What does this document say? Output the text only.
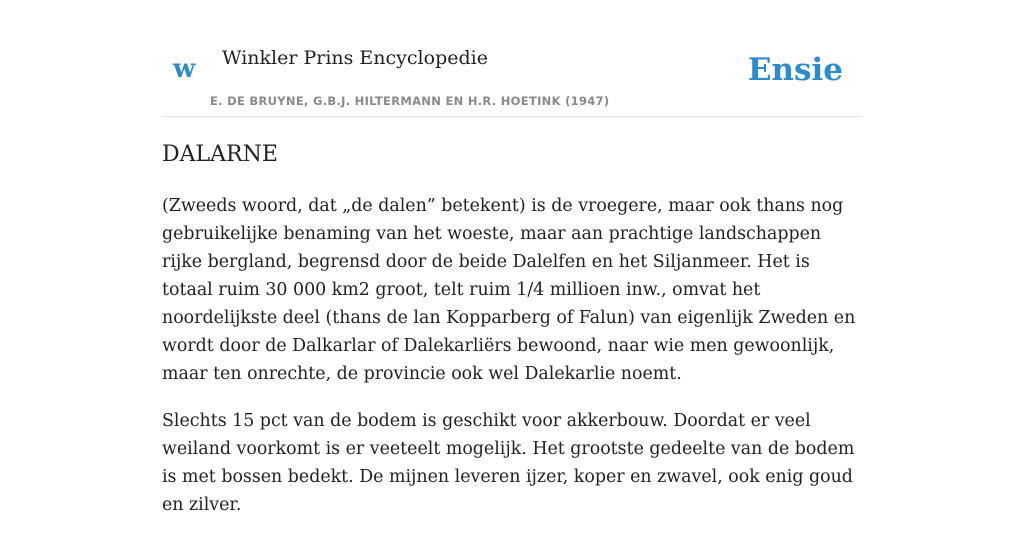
w Winkler Prins Encyclopedie	Ensie
E. DE BRUYNE, G.B.J. HILTERMANN EN H.R. HOETINK (1947)
DALARNE

(Zweeds woord, dat „de dalen” betekent) is de vroegere, maar ook thans nog gebruikelijke benaming van het woeste, maar aan prachtige landschappen rijke bergland, begrensd door de beide Dalelfen en het Siljanmeer. Het is totaal ruim 30 000 km2 groot, telt ruim 1/4 millioen inw., omvat het noordelijkste deel (thans de lan Kopparberg of Falun) van eigenlijk Zweden en wordt door de Dalkarlar of Dalekarliërs bewoond, naar wie men gewoonlijk, maar ten onrechte, de provincie ook wel Dalekarlie noemt.

Slechts 15 pct van de bodem is geschikt voor akkerbouw. Doordat er veel weiland voorkomt is er veeteelt mogelijk. Het grootste gedeelte van de bodem is met bossen bedekt. De mijnen leveren ijzer, koper en zwavel, ook enig goud en zilver.
